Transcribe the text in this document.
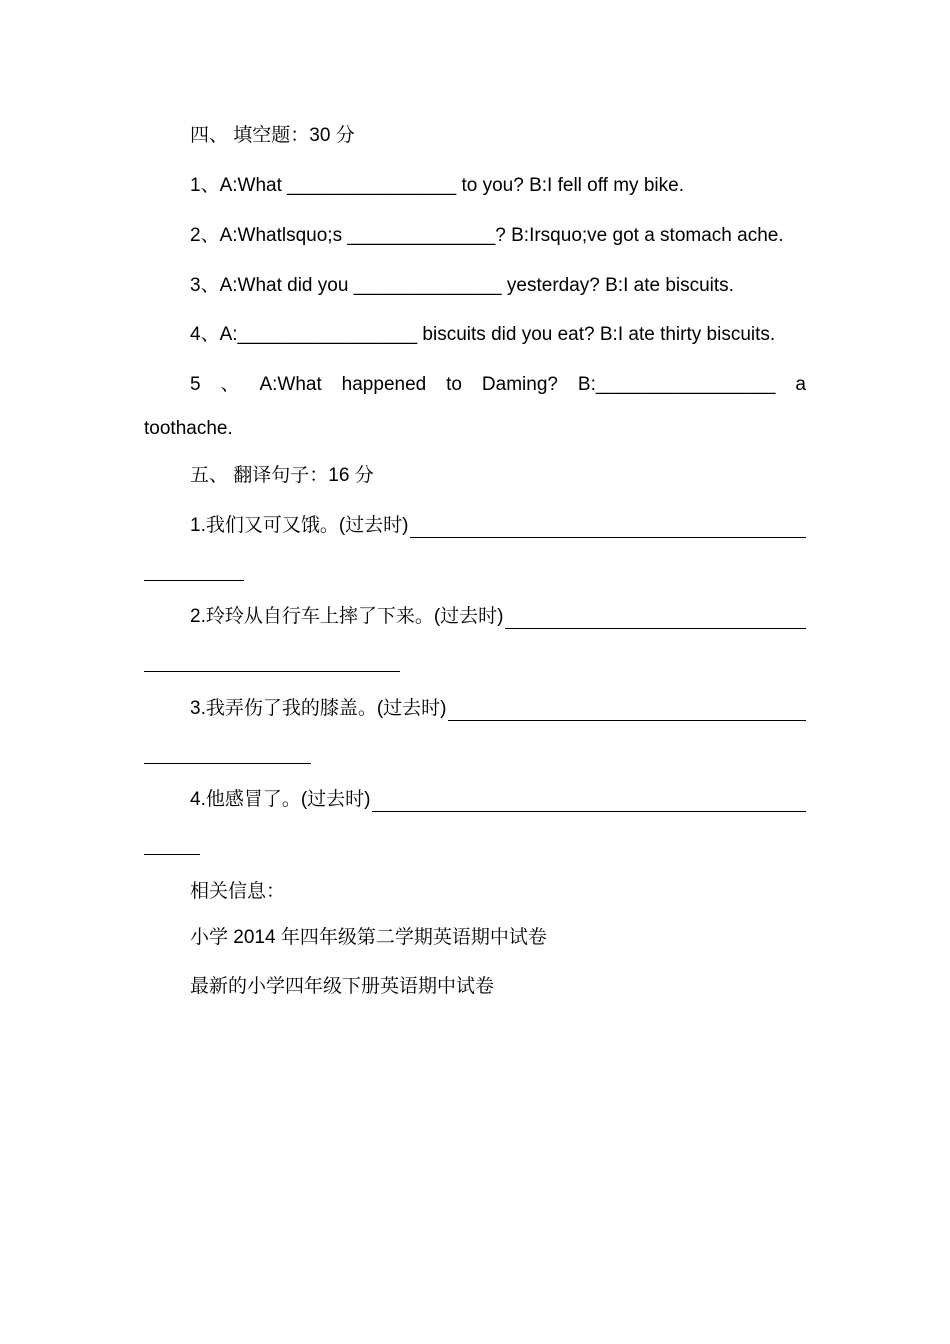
四、 填空题：30 分
1、A:What ________________ to you? B:I fell off my bike.
2、A:Whatlsquo;s ______________? B:Irsquo;ve got a stomach ache.
3、A:What did you ______________ yesterday? B:I ate biscuits.
4、A:_________________ biscuits did you eat? B:I ate thirty biscuits.
5 、 A:What happened to Daming? B:_________________ a
toothache.
五、 翻译句子：16 分
1.我们又可又饿。(过去时)
2.玲玲从自行车上摔了下来。(过去时)
3.我弄伤了我的膝盖。(过去时)
4.他感冒了。(过去时)
相关信息：
小学 2014 年四年级第二学期英语期中试卷
最新的小学四年级下册英语期中试卷
